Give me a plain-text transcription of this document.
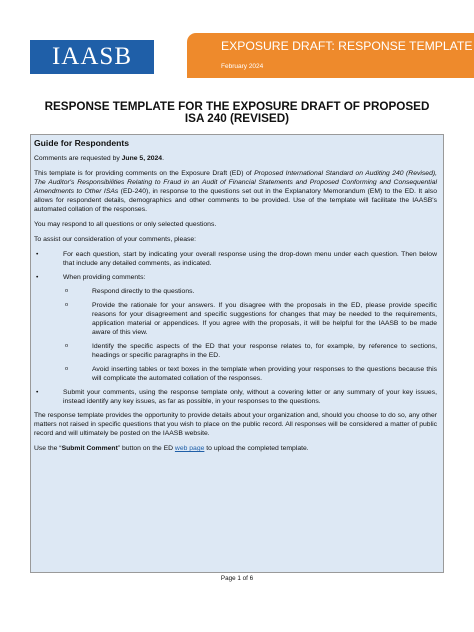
IAASB	EXPOSURE DRAFT: RESPONSE TEMPLATE
February 2024
RESPONSE TEMPLATE FOR THE EXPOSURE DRAFT OF PROPOSED
ISA 240 (REVISED)
Guide for Respondents

Comments are requested by June 5, 2024.

This template is for providing comments on the Exposure Draft (ED) of Proposed International Standard on Auditing 240 (Revised), The Auditor's Responsibilities Relating to Fraud in an Audit of Financial Statements and Proposed Conforming and Consequential Amendments to Other ISAs (ED-240), in response to the questions set out in the Explanatory Memorandum (EM) to the ED. It also allows for respondent details, demographics and other comments to be provided. Use of the template will facilitate the IAASB's automated collation of the responses.

You may respond to all questions or only selected questions.

To assist our consideration of your comments, please:

•	For each question, start by indicating your overall response using the drop-down menu under each question. Then below that include any detailed comments, as indicated.
•	When providing comments:
o	Respond directly to the questions.
o	Provide the rationale for your answers. If you disagree with the proposals in the ED, please provide specific reasons for your disagreement and specific suggestions for changes that may be needed to the requirements, application material or appendices. If you agree with the proposals, it will be helpful for the IAASB to be made aware of this view.
o	Identify the specific aspects of the ED that your response relates to, for example, by reference to sections, headings or specific paragraphs in the ED.
o	Avoid inserting tables or text boxes in the template when providing your responses to the questions because this will complicate the automated collation of the responses.
•	Submit your comments, using the response template only, without a covering letter or any summary of your key issues, instead identify any key issues, as far as possible, in your responses to the questions.

The response template provides the opportunity to provide details about your organization and, should you choose to do so, any other matters not raised in specific questions that you wish to place on the public record. All responses will be considered a matter of public record and will ultimately be posted on the IAASB website.

Use the “Submit Comment” button on the ED web page to upload the completed template.

Page 1 of 6
